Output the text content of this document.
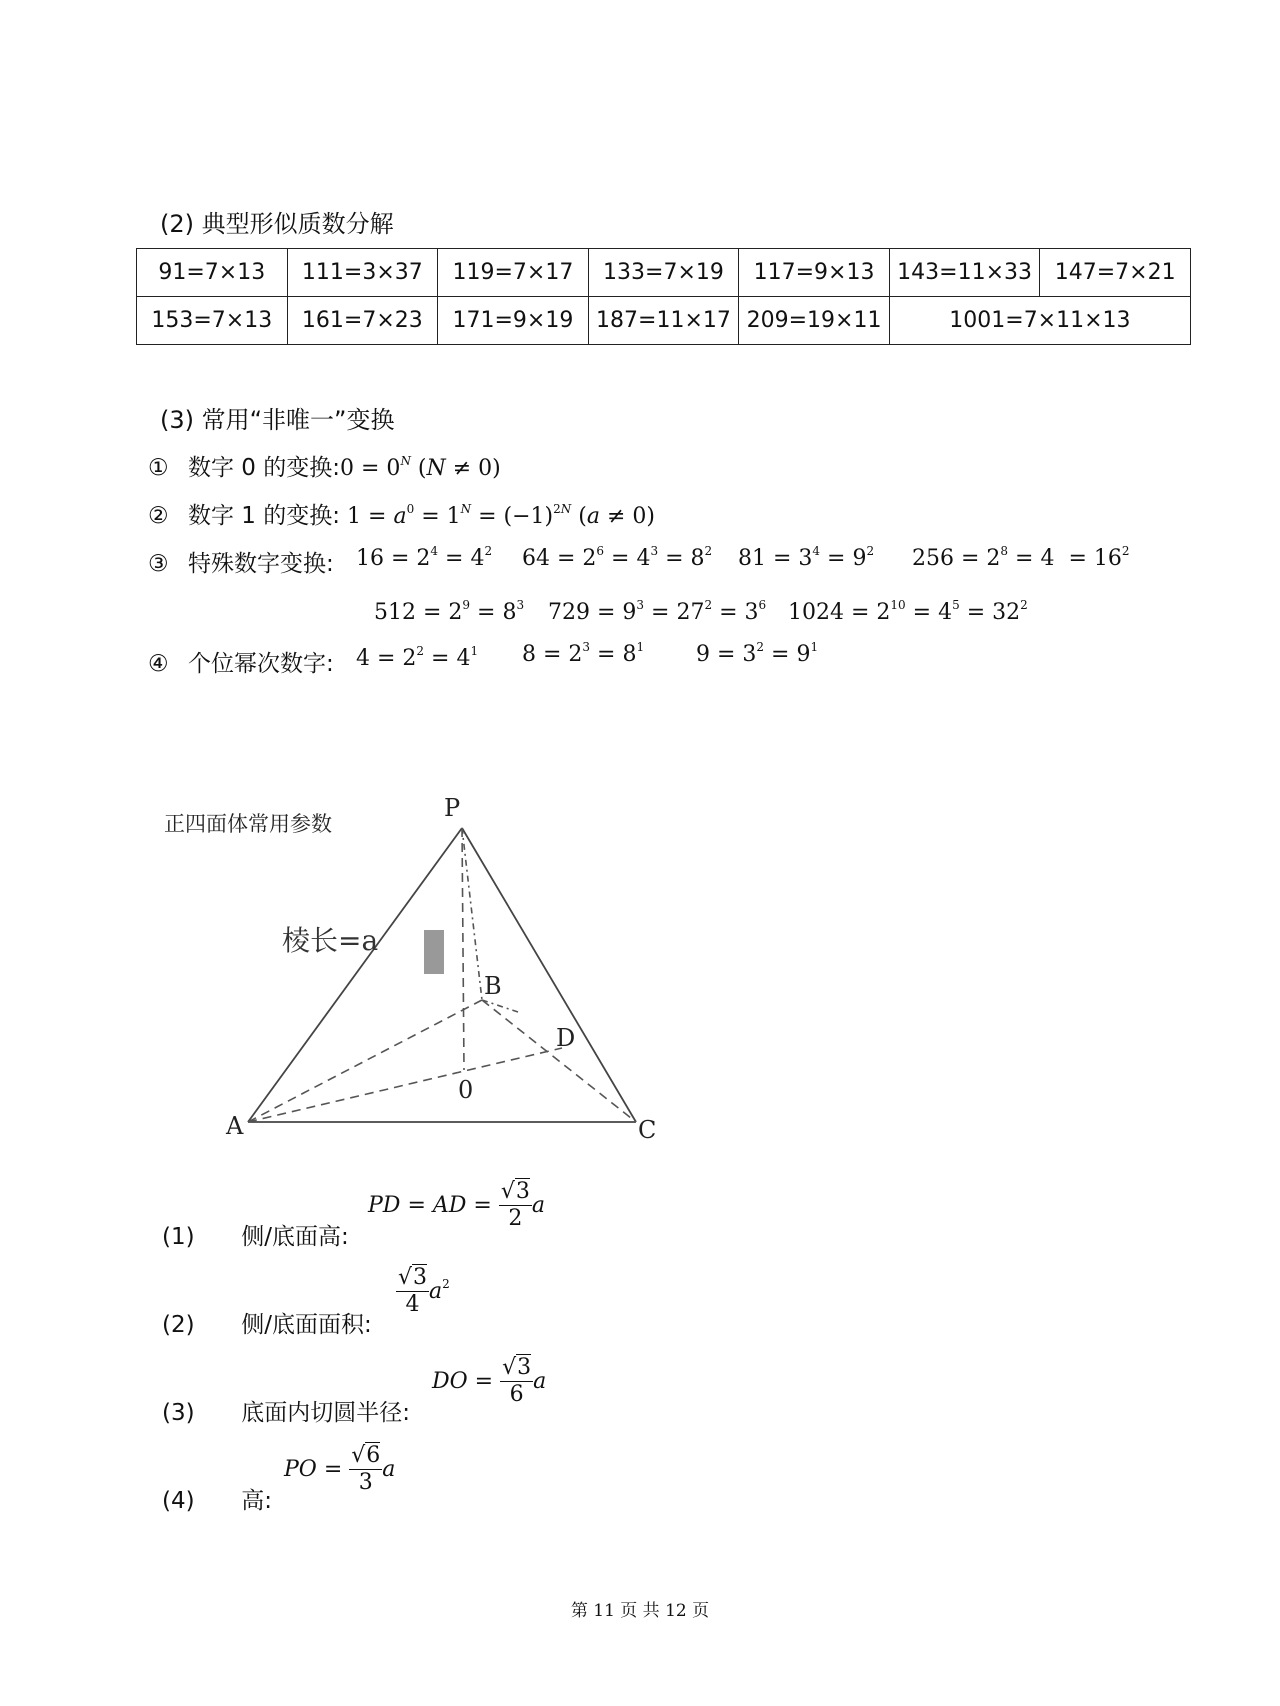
(2) 典型形似质数分解
91=7×13	111=3×37	119=7×17	133=7×19	117=9×13	143=11×33	147=7×21
153=7×13	161=7×23	171=9×19	187=11×17	209=19×11	1001=7×11×13	
(3) 常用“非唯一”变换
① 数字 0 的变换:0 = $0^N$ (N ≠ 0)
② 数字 1 的变换: $1 = a^0 = 1^N = (-1)^{2N}$ (a ≠ 0)
③ 特殊数字变换: $16 = 2^4 = 4^2$ $64 = 2^6 = 4^3 = 8^2$ $81 = 3^4 = 9^2$ $256 = 2^8 = 4 = 16^2$
$512 = 2^9 = 8^3$ $729 = 9^3 = 27^2 = 3^6$ $1024 = 2^{10} = 4^5 = 32^2$
④ 个位幂次数字: $4 = 2^2 = 4^1$ $8 = 2^3 = 8^1$ $9 = 3^2 = 9^1$
正四面体常用参数
P
A
B
C
D
0
棱长=a
(1) 侧/底面高:
PD = AD = $\frac{√3}{2}$ a
(2) 侧/底面面积:
$\frac{√3}{4} a^2$
(3) 底面内切圆半径:
DO = $\frac{√3}{6}$ a
(4) 高:
PO = $\frac{√6}{3}$ a
第 11 页 共 12 页
